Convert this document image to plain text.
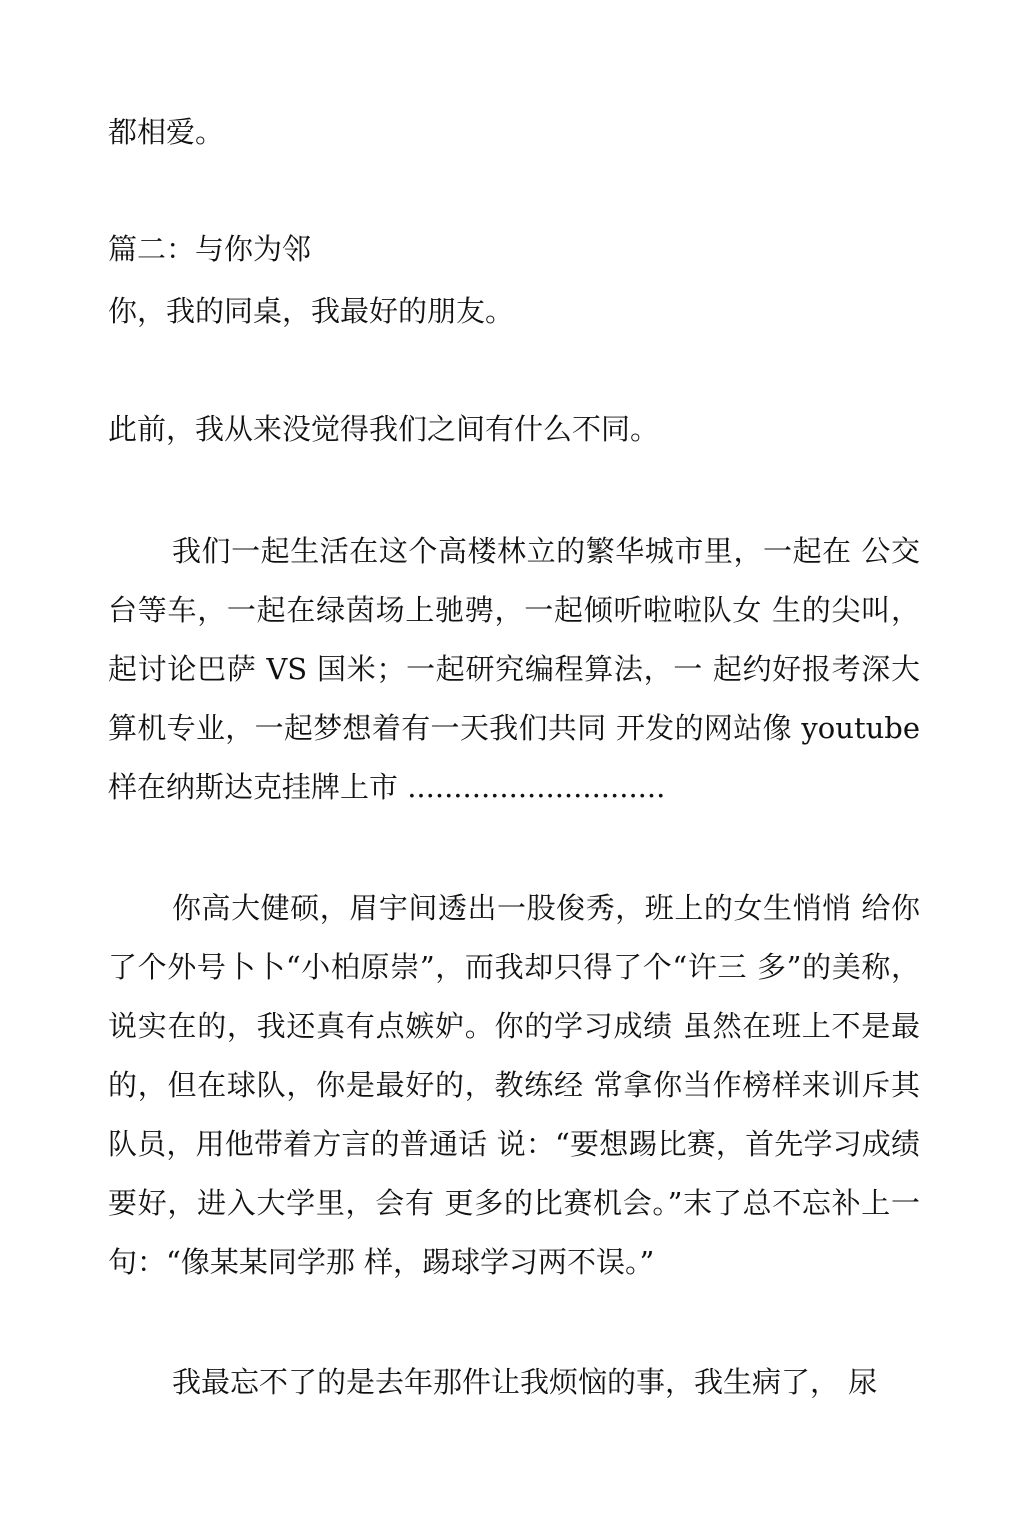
都相爱。
篇二：与你为邻
你，我的同桌，我最好的朋友。
此前，我从来没觉得我们之间有什么不同。
我们一起生活在这个高楼林立的繁华城市里，一起在 公交
台等车，一起在绿茵场上驰骋，一起倾听啦啦队女 生的尖叫，
起讨论巴萨 VS 国米；一起研究编程算法，一 起约好报考深大
算机专业，一起梦想着有一天我们共同 开发的网站像 youtube
样在纳斯达克挂牌上市 ............................
你高大健硕，眉宇间透出一股俊秀，班上的女生悄悄 给你
了个外号卜卜“小柏原崇”，而我却只得了个“许三 多”的美称，
说实在的，我还真有点嫉妒。你的学习成绩 虽然在班上不是最
的，但在球队，你是最好的，教练经 常拿你当作榜样来训斥其
队员，用他带着方言的普通话 说：“要想踢比赛，首先学习成绩
要好，进入大学里，会有 更多的比赛机会。”末了总不忘补上一
句：“像某某同学那 样，踢球学习两不误。”
我最忘不了的是去年那件让我烦恼的事，我生病了， 尿
